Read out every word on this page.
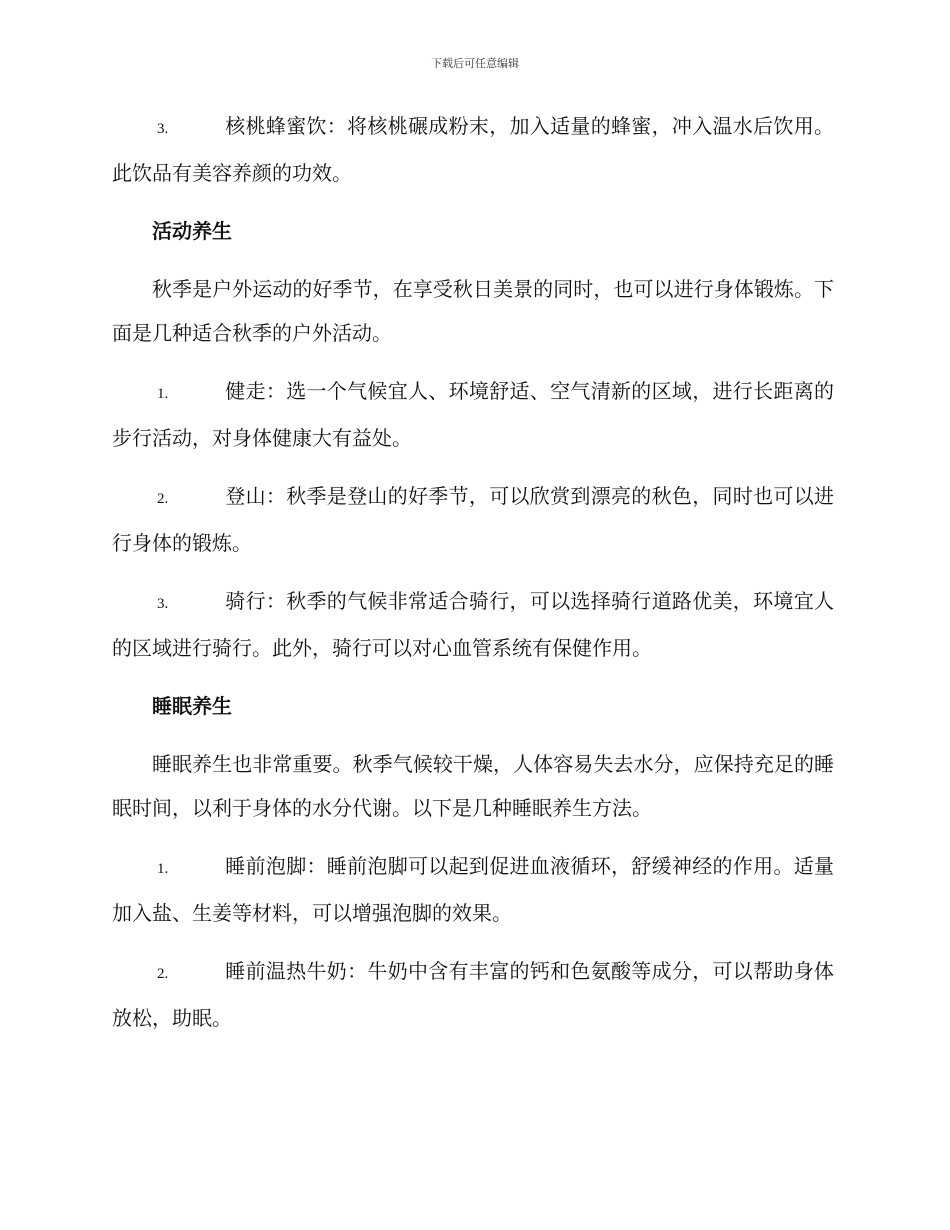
下载后可任意编辑

3.	核桃蜂蜜饮：将核桃碾成粉末，加入适量的蜂蜜，冲入温水后饮用。此饮品有美容养颜的功效。

活动养生

秋季是户外运动的好季节，在享受秋日美景的同时，也可以进行身体锻炼。下面是几种适合秋季的户外活动。

1.	健走：选一个气候宜人、环境舒适、空气清新的区域，进行长距离的步行活动，对身体健康大有益处。

2.	登山：秋季是登山的好季节，可以欣赏到漂亮的秋色，同时也可以进行身体的锻炼。

3.	骑行：秋季的气候非常适合骑行，可以选择骑行道路优美，环境宜人的区域进行骑行。此外，骑行可以对心血管系统有保健作用。

睡眠养生

睡眠养生也非常重要。秋季气候较干燥，人体容易失去水分，应保持充足的睡眠时间，以利于身体的水分代谢。以下是几种睡眠养生方法。

1.	睡前泡脚：睡前泡脚可以起到促进血液循环，舒缓神经的作用。适量加入盐、生姜等材料，可以增强泡脚的效果。

2.	睡前温热牛奶：牛奶中含有丰富的钙和色氨酸等成分，可以帮助身体放松，助眠。
